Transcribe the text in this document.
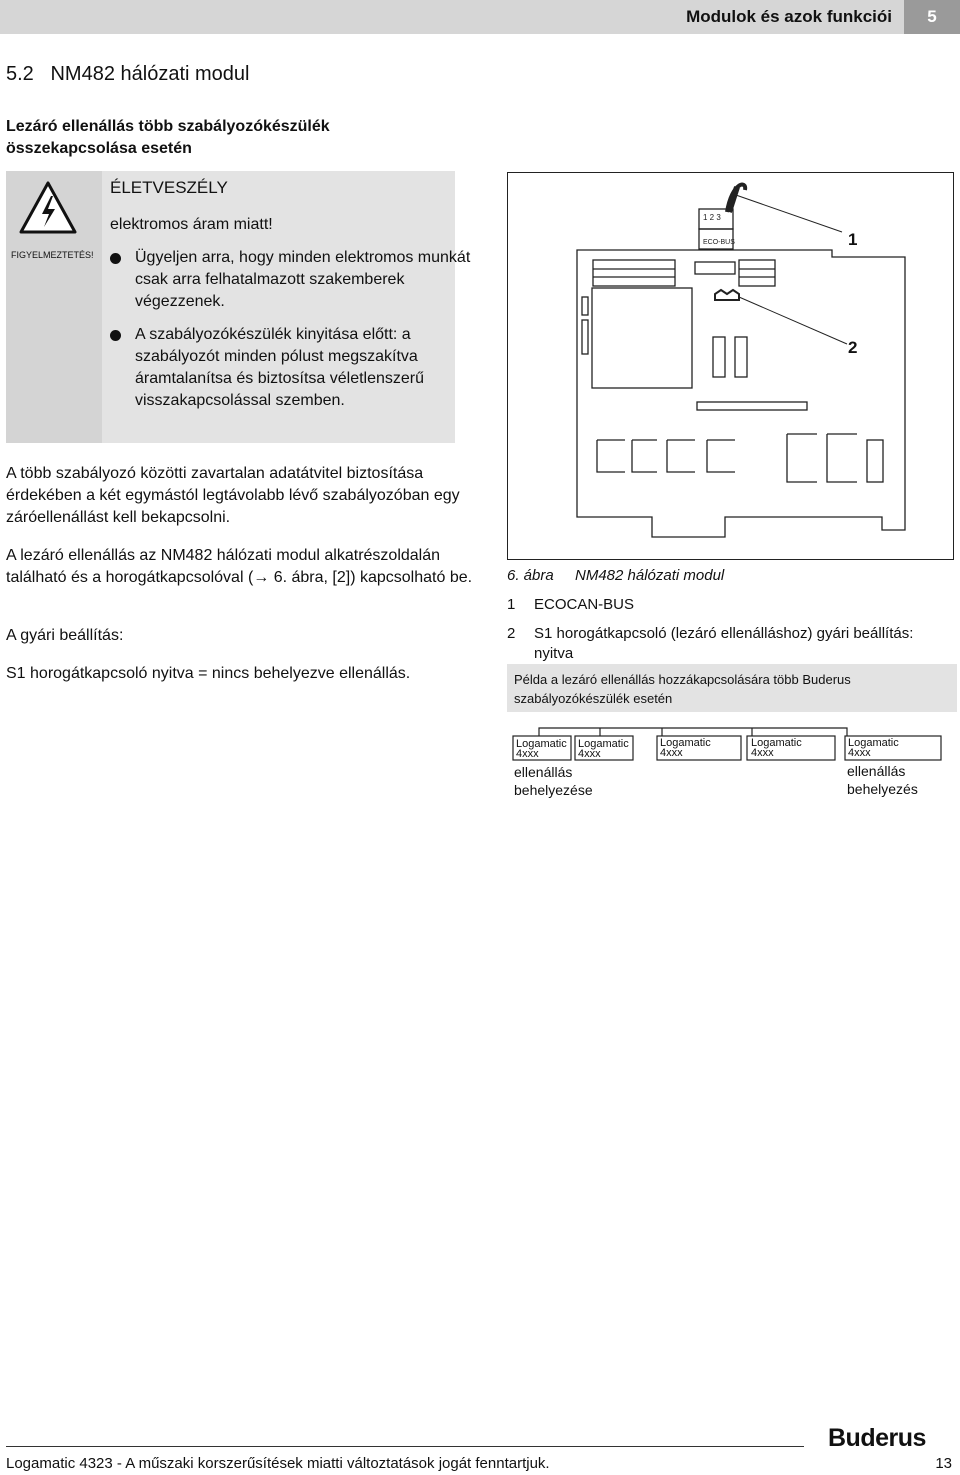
Modulok és azok funkciói	5
5.2 NM482 hálózati modul
Lezáró ellenállás több szabályozókészülék összekapcsolása esetén
FIGYELMEZTETÉS!
ÉLETVESZÉLY
elektromos áram miatt!
Ügyeljen arra, hogy minden elektromos munkát csak arra felhatalmazott szakemberek végezzenek.
A szabályozókészülék kinyitása előtt: a szabályozót minden pólust megszakítva áramtalanítsa és biztosítsa véletlenszerű visszakapcsolással szemben.
A több szabályozó közötti zavartalan adatátvitel biztosítása érdekében a két egymástól legtávolabb lévő szabályozóban egy záróellenállást kell bekapcsolni.
A lezáró ellenállás az NM482 hálózati modul alkatrészoldalán található és a horogátkapcsolóval (→ 6. ábra, [2]) kapcsolható be.
A gyári beállítás:
S1 horogátkapcsoló nyitva = nincs behelyezve ellenállás.
1 2 3
ECO-BUS	1
2
6. ábra NM482 hálózati modul
1 ECOCAN-BUS
2 S1 horogátkapcsoló (lezáró ellenálláshoz) gyári beállítás: nyitva
Példa a lezáró ellenállás hozzákapcsolására több Buderus szabályozókészülék esetén
Logamatic
4xxx
Logamatic
4xxx
Logamatic
4xxx
Logamatic
4xxx
Logamatic
4xxx
ellenállás
behelyezése
ellenállás
behelyezés
Buderus
Logamatic 4323 - A műszaki korszerűsítések miatti változtatások jogát fenntartjuk.	13
